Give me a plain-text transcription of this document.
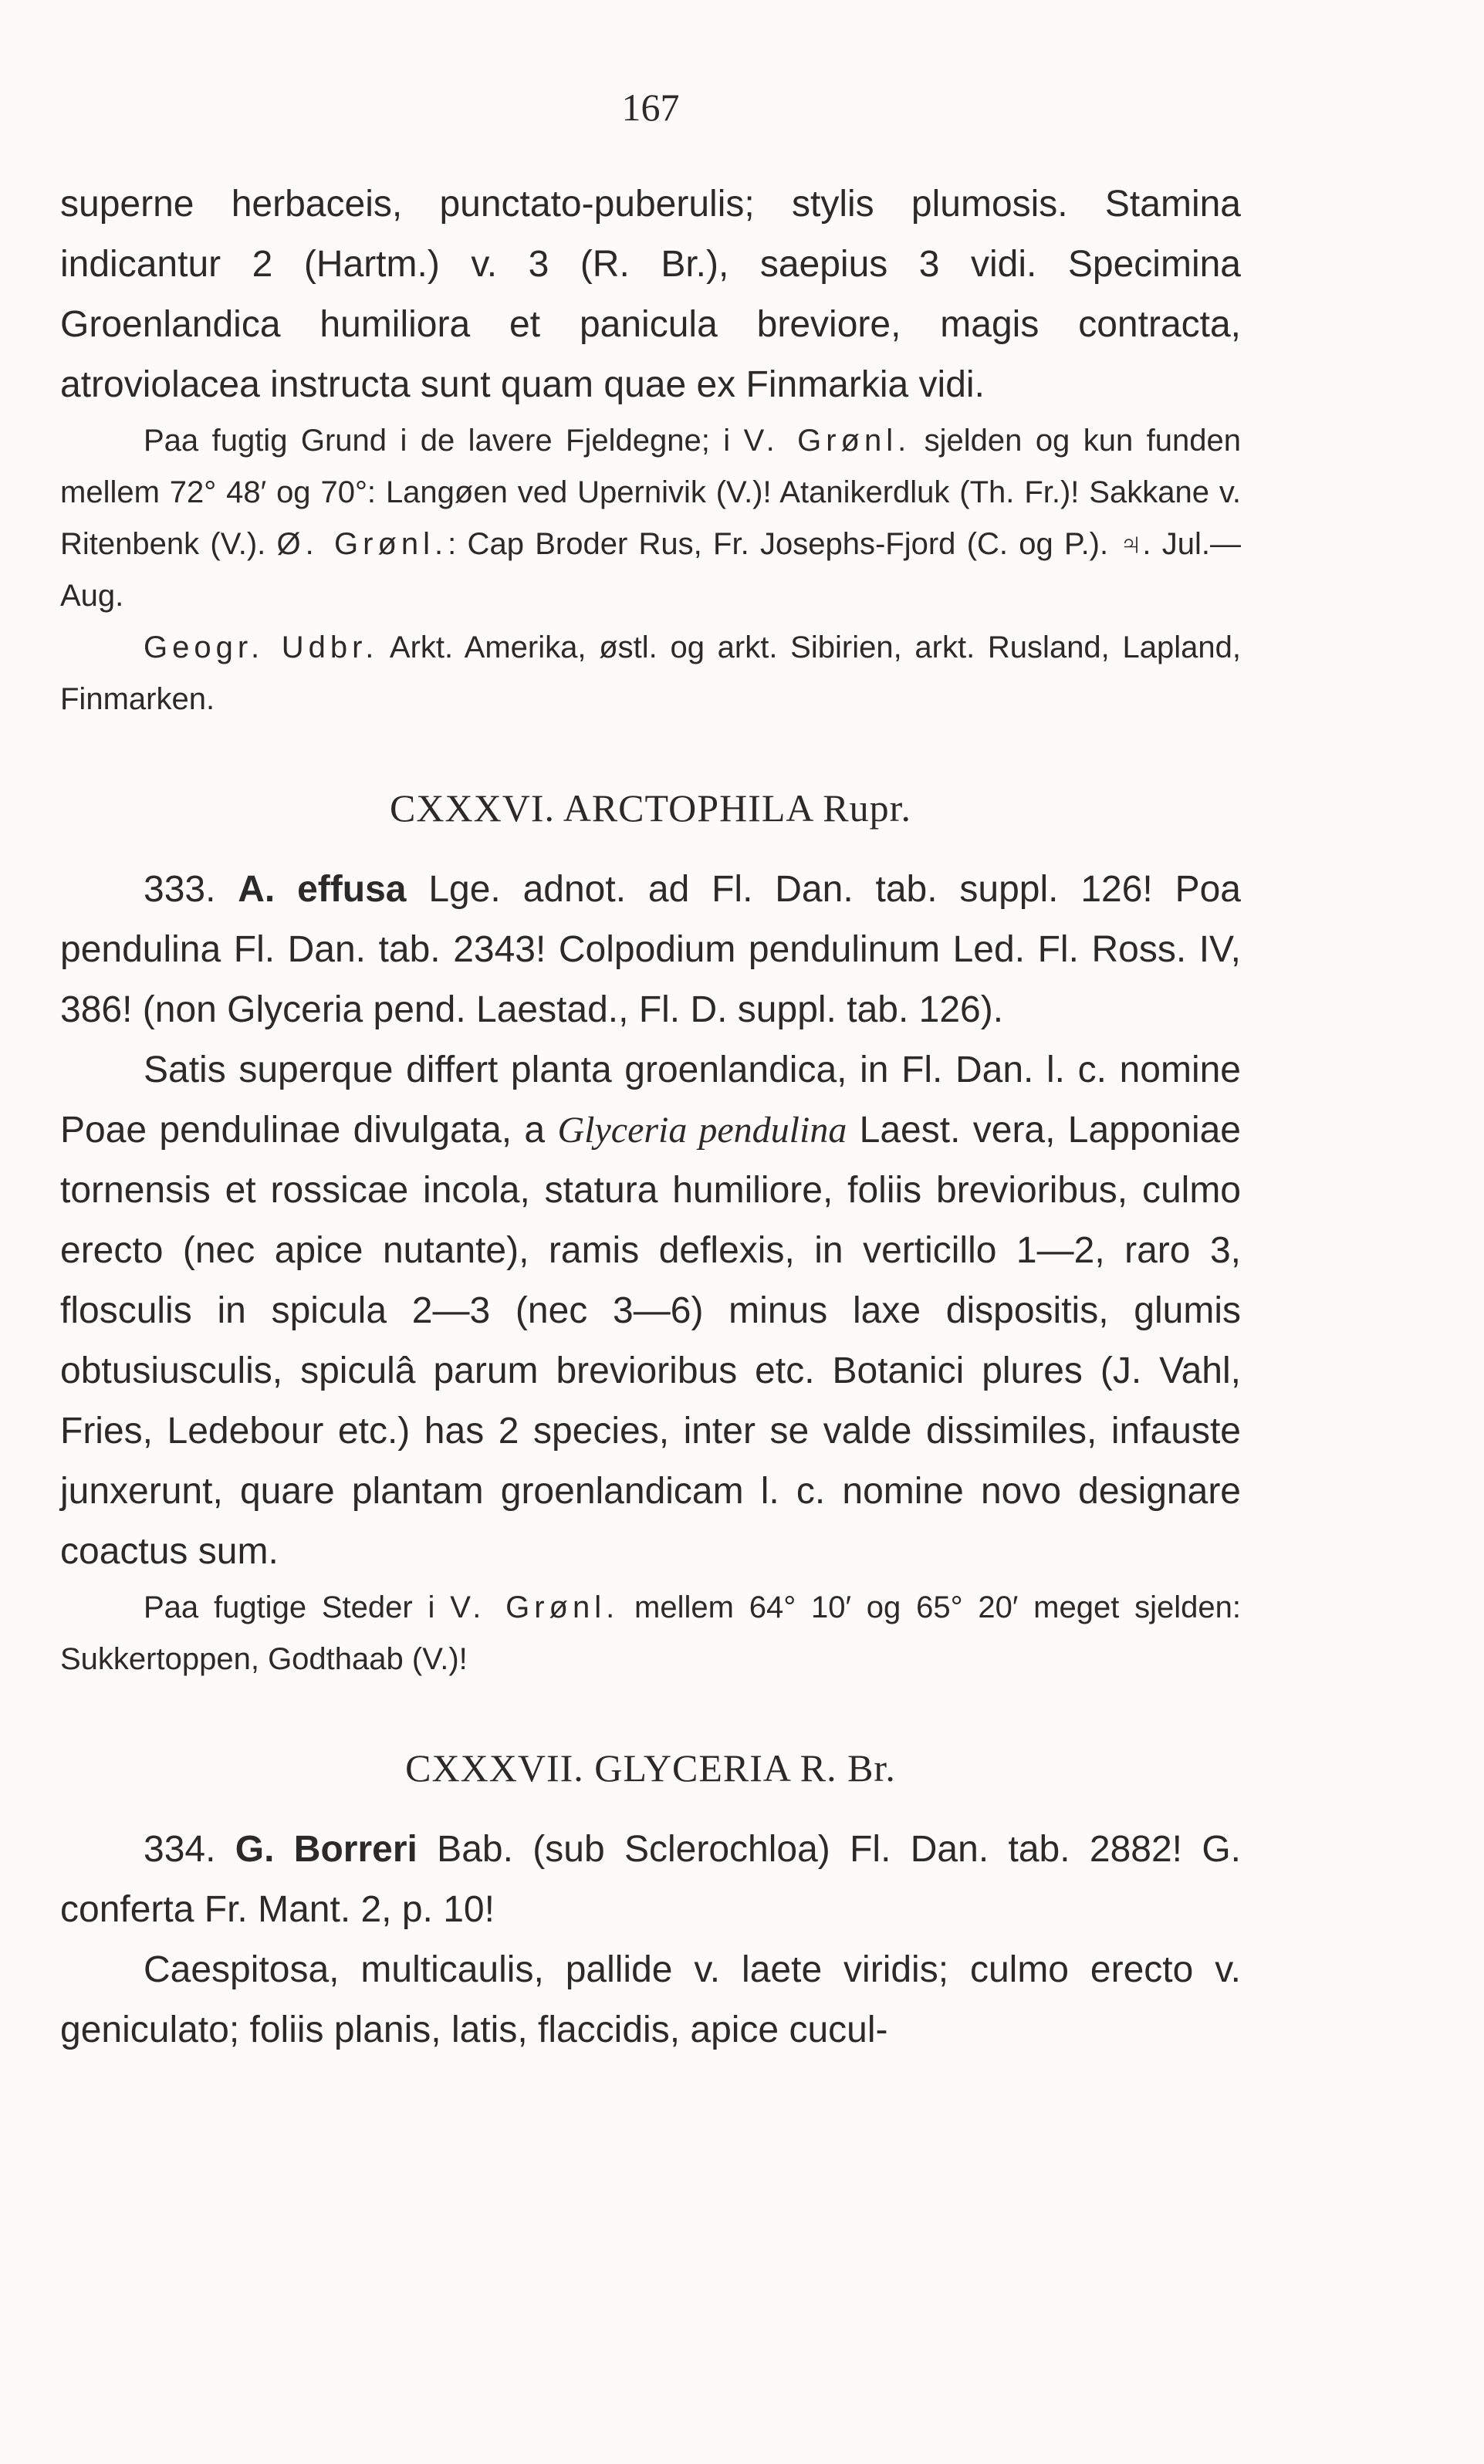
167

superne herbaceis, punctato-puberulis; stylis plumosis. Stamina indicantur 2 (Hartm.) v. 3 (R. Br.), saepius 3 vidi. Specimina Groenlandica humiliora et panicula breviore, magis contracta, atroviolacea instructa sunt quam quae ex Finmarkia vidi.

Paa fugtig Grund i de lavere Fjeldegne; i V. Grønl. sjelden og kun funden mellem 72° 48′ og 70°: Langøen ved Upernivik (V.)! Atanikerdluk (Th. Fr.)! Sakkane v. Ritenbenk (V.). Ø. Grønl.: Cap Broder Rus, Fr. Josephs-Fjord (C. og P.). ♃. Jul.—Aug.

Geogr. Udbr. Arkt. Amerika, østl. og arkt. Sibirien, arkt. Rusland, Lapland, Finmarken.

CXXXVI. ARCTOPHILA Rupr.

333. A. effusa Lge. adnot. ad Fl. Dan. tab. suppl. 126! Poa pendulina Fl. Dan. tab. 2343! Colpodium pendulinum Led. Fl. Ross. IV, 386! (non Glyceria pend. Laestad., Fl. D. suppl. tab. 126).

Satis superque differt planta groenlandica, in Fl. Dan. l. c. nomine Poae pendulinae divulgata, a Glyceria pendulina Laest. vera, Lapponiae tornensis et rossicae incola, statura humiliore, foliis brevioribus, culmo erecto (nec apice nutante), ramis deflexis, in verticillo 1—2, raro 3, flosculis in spicula 2—3 (nec 3—6) minus laxe dispositis, glumis obtusiusculis, spiculâ parum brevioribus etc. Botanici plures (J. Vahl, Fries, Ledebour etc.) has 2 species, inter se valde dissimiles, infauste junxerunt, quare plantam groenlandicam l. c. nomine novo designare coactus sum.

Paa fugtige Steder i V. Grønl. mellem 64° 10′ og 65° 20′ meget sjelden: Sukkertoppen, Godthaab (V.)!

CXXXVII. GLYCERIA R. Br.

334. G. Borreri Bab. (sub Sclerochloa) Fl. Dan. tab. 2882! G. conferta Fr. Mant. 2, p. 10!

Caespitosa, multicaulis, pallide v. laete viridis; culmo erecto v. geniculato; foliis planis, latis, flaccidis, apice cucul-
